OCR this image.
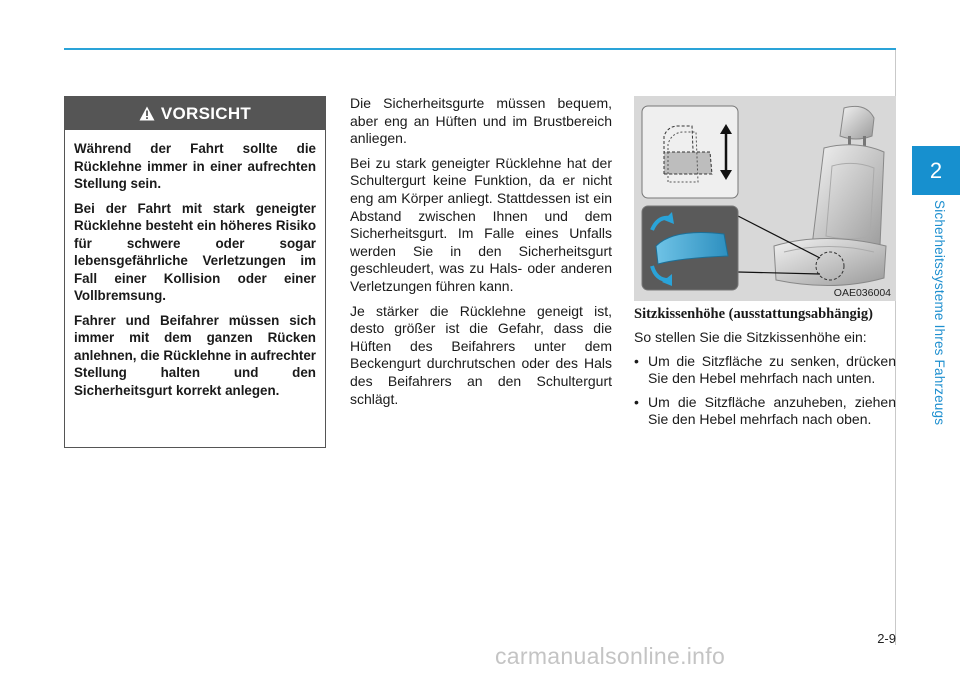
2
Sicherheitssysteme Ihres Fahrzeugs
VORSICHT

Während der Fahrt sollte die Rücklehne immer in einer aufrechten Stellung sein.

Bei der Fahrt mit stark geneigter Rücklehne besteht ein höheres Risiko für schwere oder sogar lebensgefährliche Verletzungen im Fall einer Kollision oder einer Vollbremsung.

Fahrer und Beifahrer müssen sich immer mit dem ganzen Rücken anlehnen, die Rücklehne in aufrechter Stellung halten und den Sicherheitsgurt korrekt anlegen.

Die Sicherheitsgurte müssen bequem, aber eng an Hüften und im Brustbereich anliegen.

Bei zu stark geneigter Rücklehne hat der Schultergurt keine Funktion, da er nicht eng am Körper anliegt. Stattdessen ist ein Abstand zwischen Ihnen und dem Sicherheitsgurt. Im Falle eines Unfalls werden Sie in den Sicherheitsgurt geschleudert, was zu Hals- oder anderen Verletzungen führen kann.

Je stärker die Rücklehne geneigt ist, desto größer ist die Gefahr, dass die Hüften des Beifahrers unter dem Beckengurt durchrutschen oder des Hals des Beifahrers an den Schultergurt schlägt.

OAE036004
Sitzkissenhöhe (ausstattungsabhängig)

So stellen Sie die Sitzkissenhöhe ein:

• Um die Sitzfläche zu senken, drücken Sie den Hebel mehrfach nach unten.
• Um die Sitzfläche anzuheben, ziehen Sie den Hebel mehrfach nach oben.
2-9
carmanualsonline.info
